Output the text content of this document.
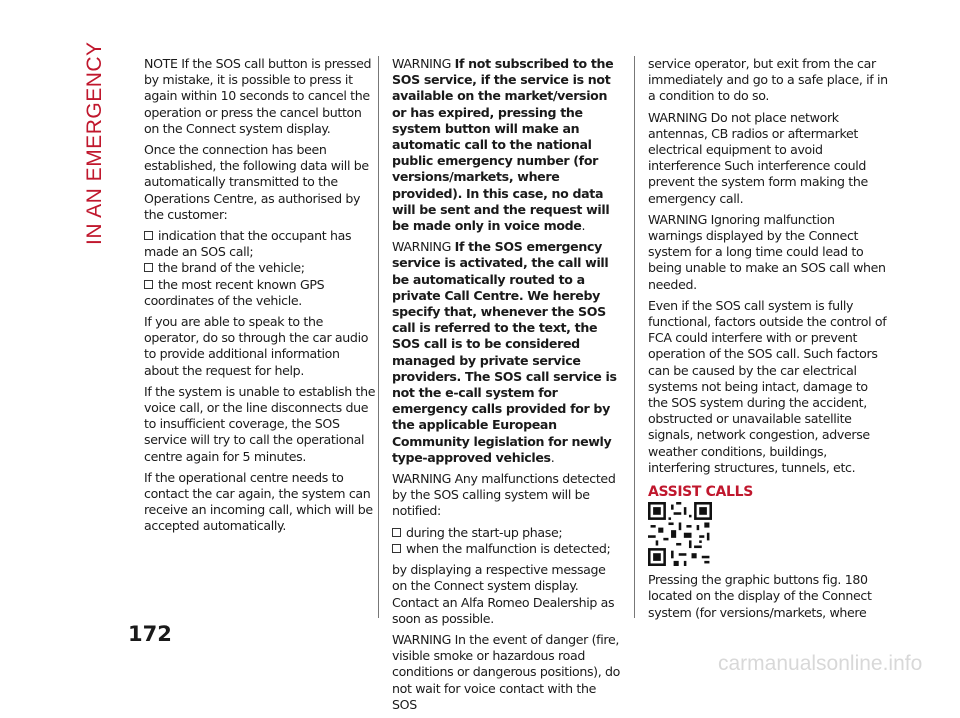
IN AN EMERGENCY	NOTE If the SOS call button is pressed by mistake, it is possible to press it again within 10 seconds to cancel the operation or press the cancel button on the Connect system display.

Once the connection has been established, the following data will be automatically transmitted to the Operations Centre, as authorised by the customer:

indication that the occupant has made an SOS call;

the brand of the vehicle;

the most recent known GPS coordinates of the vehicle.

If you are able to speak to the operator, do so through the car audio to provide additional information about the request for help.

If the system is unable to establish the voice call, or the line disconnects due to insufficient coverage, the SOS service will try to call the operational centre again for 5 minutes.

If the operational centre needs to contact the car again, the system can receive an incoming call, which will be accepted automatically.

WARNING If not subscribed to the SOS service, if the service is not available on the market/version or has expired, pressing the system button will make an automatic call to the national public emergency number (for versions/markets, where provided). In this case, no data will be sent and the request will be made only in voice mode.

WARNING If the SOS emergency service is activated, the call will be automatically routed to a private Call Centre. We hereby specify that, whenever the SOS call is referred to the text, the SOS call is to be considered managed by private service providers. The SOS call service is not the e-call system for emergency calls provided for by the applicable European Community legislation for newly type-approved vehicles.

WARNING Any malfunctions detected by the SOS calling system will be notified:

during the start-up phase;

when the malfunction is detected;

by displaying a respective message on the Connect system display. Contact an Alfa Romeo Dealership as soon as possible.

WARNING In the event of danger (fire, visible smoke or hazardous road conditions or dangerous positions), do not wait for voice contact with the SOS

service operator, but exit from the car immediately and go to a safe place, if in a condition to do so.

WARNING Do not place network antennas, CB radios or aftermarket electrical equipment to avoid interference Such interference could prevent the system form making the emergency call.

WARNING Ignoring malfunction warnings displayed by the Connect system for a long time could lead to being unable to make an SOS call when needed.

Even if the SOS call system is fully functional, factors outside the control of FCA could interfere with or prevent operation of the SOS call. Such factors can be caused by the car electrical systems not being intact, damage to the SOS system during the accident, obstructed or unavailable satellite signals, network congestion, adverse weather conditions, buildings, interfering structures, tunnels, etc.

ASSIST CALLS

Pressing the graphic buttons fig. 180 located on the display of the Connect system (for versions/markets, where

172
carmanualsonline.info
